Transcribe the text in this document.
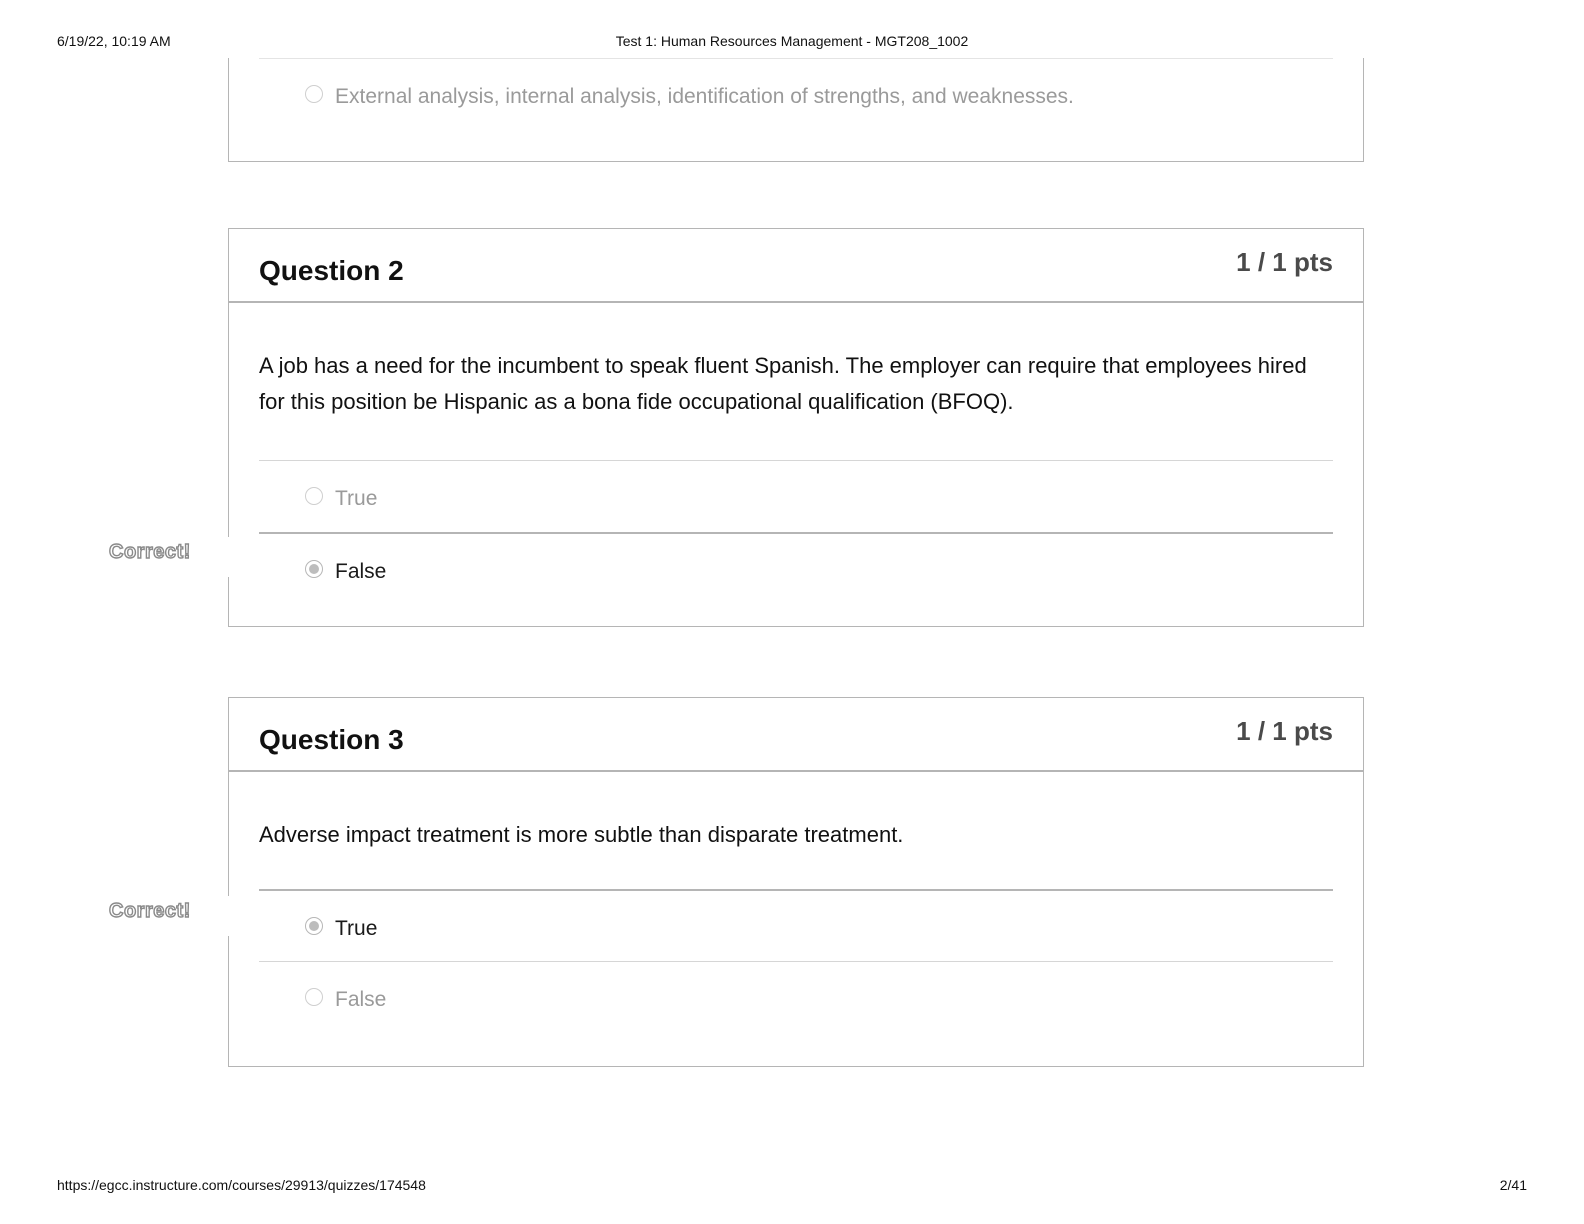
6/19/22, 10:19 AM	Test 1: Human Resources Management - MGT208_1002
External analysis, internal analysis, identification of strengths, and weaknesses.
Question 2	1 / 1 pts
A job has a need for the incumbent to speak fluent Spanish. The employer can require that employees hired for this position be Hispanic as a bona fide occupational qualification (BFOQ).
True
False
Correct!
Question 3	1 / 1 pts
Adverse impact treatment is more subtle than disparate treatment.
True
False
Correct!
https://egcc.instructure.com/courses/29913/quizzes/174548	2/41
